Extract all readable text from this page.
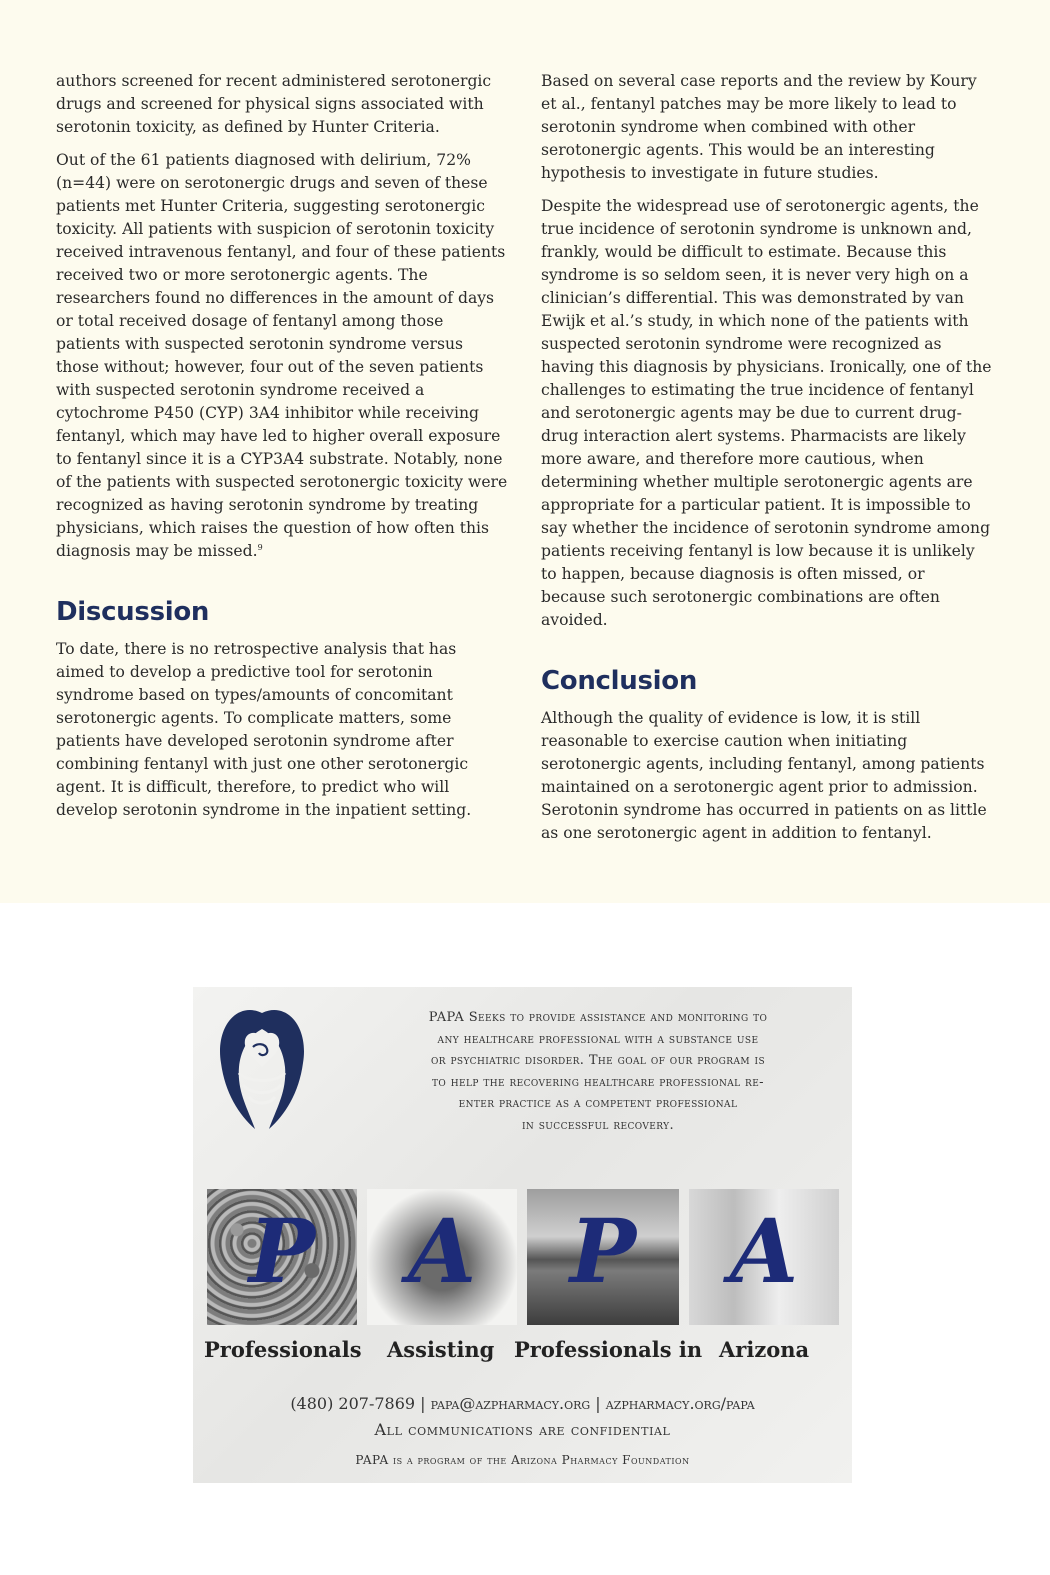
authors screened for recent administered serotonergic drugs and screened for physical signs associated with serotonin toxicity, as defined by Hunter Criteria.

Out of the 61 patients diagnosed with delirium, 72% (n=44) were on serotonergic drugs and seven of these patients met Hunter Criteria, suggesting serotonergic toxicity. All patients with suspicion of serotonin toxicity received intravenous fentanyl, and four of these patients received two or more serotonergic agents. The researchers found no differences in the amount of days or total received dosage of fentanyl among those patients with suspected serotonin syndrome versus those without; however, four out of the seven patients with suspected serotonin syndrome received a cytochrome P450 (CYP) 3A4 inhibitor while receiving fentanyl, which may have led to higher overall exposure to fentanyl since it is a CYP3A4 substrate. Notably, none of the patients with suspected serotonergic toxicity were recognized as having serotonin syndrome by treating physicians, which raises the question of how often this diagnosis may be missed.$^9$

Discussion

To date, there is no retrospective analysis that has aimed to develop a predictive tool for serotonin syndrome based on types/amounts of concomitant serotonergic agents. To complicate matters, some patients have developed serotonin syndrome after combining fentanyl with just one other serotonergic agent. It is difficult, therefore, to predict who will develop serotonin syndrome in the inpatient setting.

Based on several case reports and the review by Koury et al., fentanyl patches may be more likely to lead to serotonin syndrome when combined with other serotonergic agents. This would be an interesting hypothesis to investigate in future studies.

Despite the widespread use of serotonergic agents, the true incidence of serotonin syndrome is unknown and, frankly, would be difficult to estimate. Because this syndrome is so seldom seen, it is never very high on a clinician’s differential. This was demonstrated by van Ewijk et al.’s study, in which none of the patients with suspected serotonin syndrome were recognized as having this diagnosis by physicians. Ironically, one of the challenges to estimating the true incidence of fentanyl and serotonergic agents may be due to current drug-drug interaction alert systems. Pharmacists are likely more aware, and therefore more cautious, when determining whether multiple serotonergic agents are appropriate for a particular patient. It is impossible to say whether the incidence of serotonin syndrome among patients receiving fentanyl is low because it is unlikely to happen, because diagnosis is often missed, or because such serotonergic combinations are often avoided.

Conclusion

Although the quality of evidence is low, it is still reasonable to exercise caution when initiating serotonergic agents, including fentanyl, among patients maintained on a serotonergic agent prior to admission. Serotonin syndrome has occurred in patients on as little as one serotonergic agent in addition to fentanyl.

PAPA Seeks to provide assistance and monitoring to
any healthcare professional with a substance use
or psychiatric disorder. The goal of our program is
to help the recovering healthcare professional re-
enter practice as a competent professional
in successful recovery.
P	A	P	A
Professionals Assisting Professionals in Arizona
(480) 207-7869 | papa@azpharmacy.org | azpharmacy.org/papa
All communications are confidential
PAPA is a program of the Arizona Pharmacy Foundation
